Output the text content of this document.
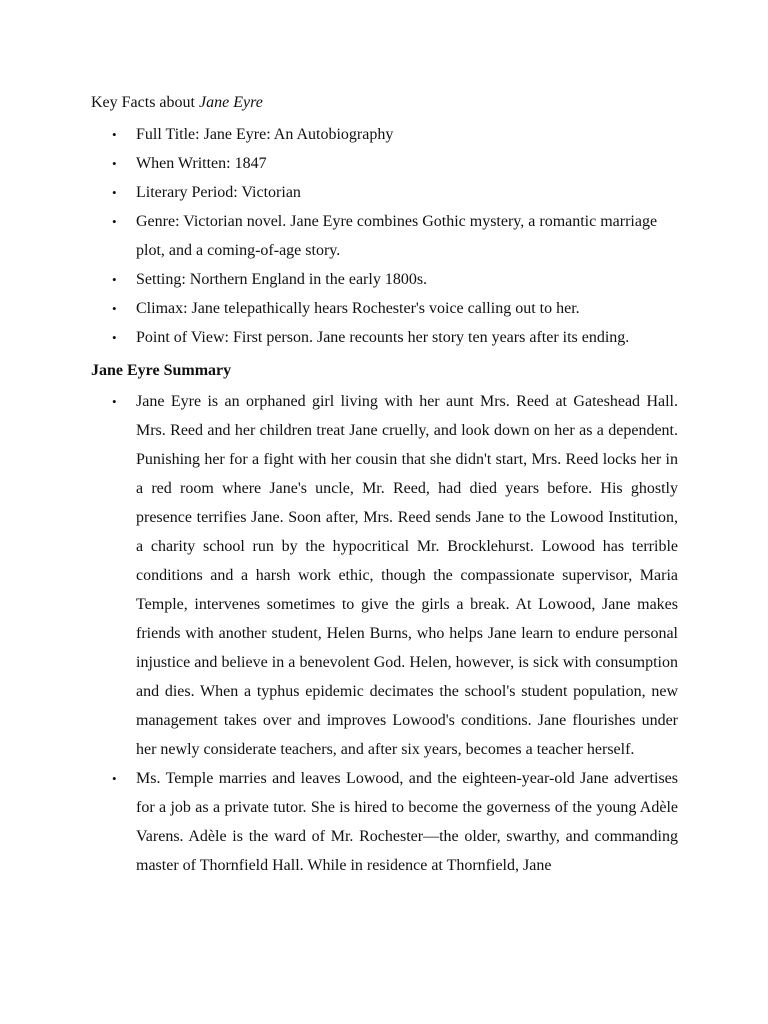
Key Facts about Jane Eyre
• Full Title: Jane Eyre: An Autobiography
• When Written: 1847
• Literary Period: Victorian
• Genre: Victorian novel. Jane Eyre combines Gothic mystery, a romantic marriage plot, and a coming-of-age story.
• Setting: Northern England in the early 1800s.
• Climax: Jane telepathically hears Rochester's voice calling out to her.
• Point of View: First person. Jane recounts her story ten years after its ending.
Jane Eyre Summary
• Jane Eyre is an orphaned girl living with her aunt Mrs. Reed at Gateshead Hall. Mrs. Reed and her children treat Jane cruelly, and look down on her as a dependent. Punishing her for a fight with her cousin that she didn't start, Mrs. Reed locks her in a red room where Jane's uncle, Mr. Reed, had died years before. His ghostly presence terrifies Jane. Soon after, Mrs. Reed sends Jane to the Lowood Institution, a charity school run by the hypocritical Mr. Brocklehurst. Lowood has terrible conditions and a harsh work ethic, though the compassionate supervisor, Maria Temple, intervenes sometimes to give the girls a break. At Lowood, Jane makes friends with another student, Helen Burns, who helps Jane learn to endure personal injustice and believe in a benevolent God. Helen, however, is sick with consumption and dies. When a typhus epidemic decimates the school's student population, new management takes over and improves Lowood's conditions. Jane flourishes under her newly considerate teachers, and after six years, becomes a teacher herself.
• Ms. Temple marries and leaves Lowood, and the eighteen-year-old Jane advertises for a job as a private tutor. She is hired to become the governess of the young Adèle Varens. Adèle is the ward of Mr. Rochester—the older, swarthy, and commanding master of Thornfield Hall. While in residence at Thornfield, Jane
